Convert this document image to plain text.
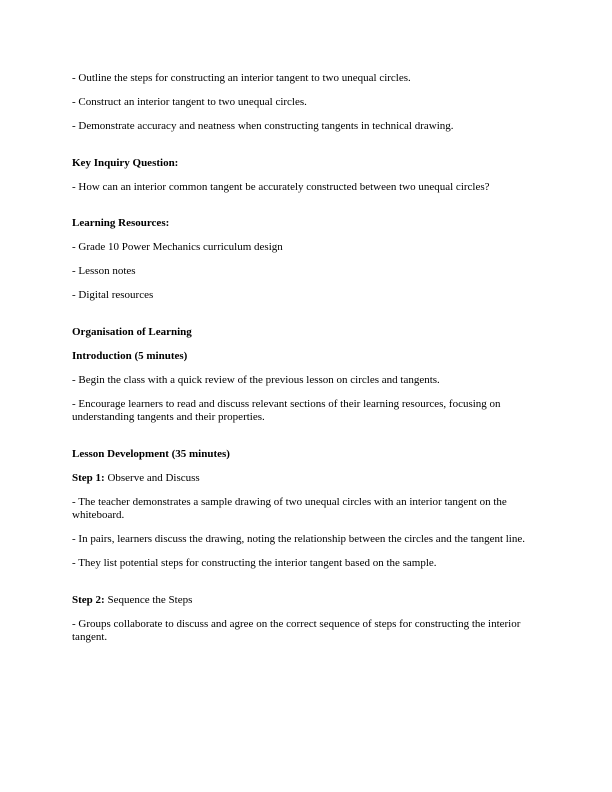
- Outline the steps for constructing an interior tangent to two unequal circles.

- Construct an interior tangent to two unequal circles.

- Demonstrate accuracy and neatness when constructing tangents in technical drawing.

Key Inquiry Question:

- How can an interior common tangent be accurately constructed between two unequal circles?

Learning Resources:

- Grade 10 Power Mechanics curriculum design

- Lesson notes

- Digital resources

Organisation of Learning

Introduction (5 minutes)

- Begin the class with a quick review of the previous lesson on circles and tangents.

- Encourage learners to read and discuss relevant sections of their learning resources, focusing on understanding tangents and their properties.

Lesson Development (35 minutes)

Step 1: Observe and Discuss

- The teacher demonstrates a sample drawing of two unequal circles with an interior tangent on the whiteboard.

- In pairs, learners discuss the drawing, noting the relationship between the circles and the tangent line.

- They list potential steps for constructing the interior tangent based on the sample.

Step 2: Sequence the Steps

- Groups collaborate to discuss and agree on the correct sequence of steps for constructing the interior tangent.
